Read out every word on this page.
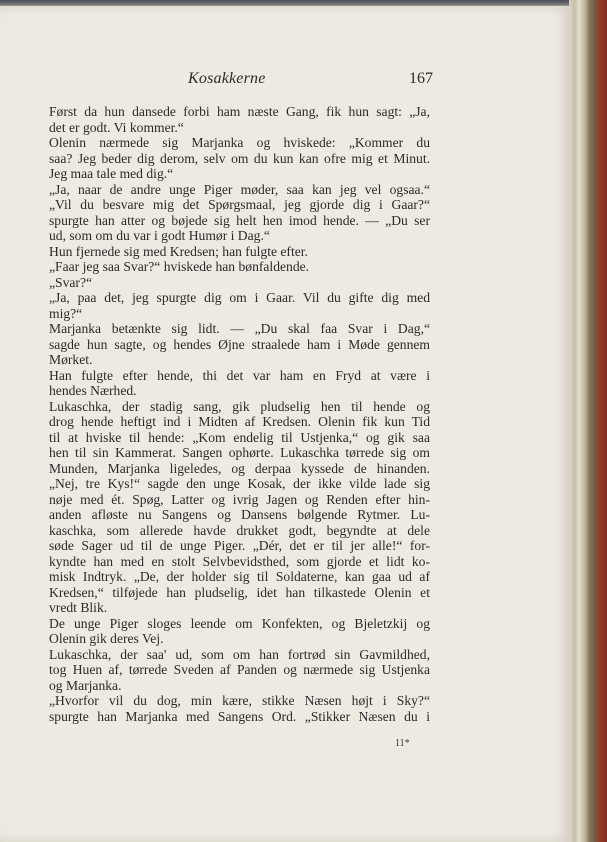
Kosakkerne	167
Først da hun dansede forbi ham næste Gang, fik hun sagt: „Ja,
det er godt. Vi kommer.“
Olenin nærmede sig Marjanka og hviskede: „Kommer du
saa? Jeg beder dig derom, selv om du kun kan ofre mig et Minut.
Jeg maa tale med dig.“
„Ja, naar de andre unge Piger møder, saa kan jeg vel ogsaa.“
„Vil du besvare mig det Spørgsmaal, jeg gjorde dig i Gaar?“
spurgte han atter og bøjede sig helt hen imod hende. — „Du ser
ud, som om du var i godt Humør i Dag.“
Hun fjernede sig med Kredsen; han fulgte efter.
„Faar jeg saa Svar?“ hviskede han bønfaldende.
„Svar?“
„Ja, paa det, jeg spurgte dig om i Gaar. Vil du gifte dig med
mig?“
Marjanka betænkte sig lidt. — „Du skal faa Svar i Dag,“
sagde hun sagte, og hendes Øjne straalede ham i Møde gennem
Mørket.
Han fulgte efter hende, thi det var ham en Fryd at være i
hendes Nærhed.
Lukaschka, der stadig sang, gik pludselig hen til hende og
drog hende heftigt ind i Midten af Kredsen. Olenin fik kun Tid
til at hviske til hende: „Kom endelig til Ustjenka,“ og gik saa
hen til sin Kammerat. Sangen ophørte. Lukaschka tørrede sig om
Munden, Marjanka ligeledes, og derpaa kyssede de hinanden.
„Nej, tre Kys!“ sagde den unge Kosak, der ikke vilde lade sig
nøje med ét. Spøg, Latter og ivrig Jagen og Renden efter hin-
anden afløste nu Sangens og Dansens bølgende Rytmer. Lu-
kaschka, som allerede havde drukket godt, begyndte at dele
søde Sager ud til de unge Piger. „Dér, det er til jer alle!“ for-
kyndte han med en stolt Selvbevidsthed, som gjorde et lidt ko-
misk Indtryk. „De, der holder sig til Soldaterne, kan gaa ud af
Kredsen,“ tilføjede han pludselig, idet han tilkastede Olenin et
vredt Blik.
De unge Piger sloges leende om Konfekten, og Bjeletzkij og
Olenin gik deres Vej.
Lukaschka, der saa' ud, som om han fortrød sin Gavmildhed,
tog Huen af, tørrede Sveden af Panden og nærmede sig Ustjenka
og Marjanka.
„Hvorfor vil du dog, min kære, stikke Næsen højt i Sky?“
spurgte han Marjanka med Sangens Ord. „Stikker Næsen du i
11*
